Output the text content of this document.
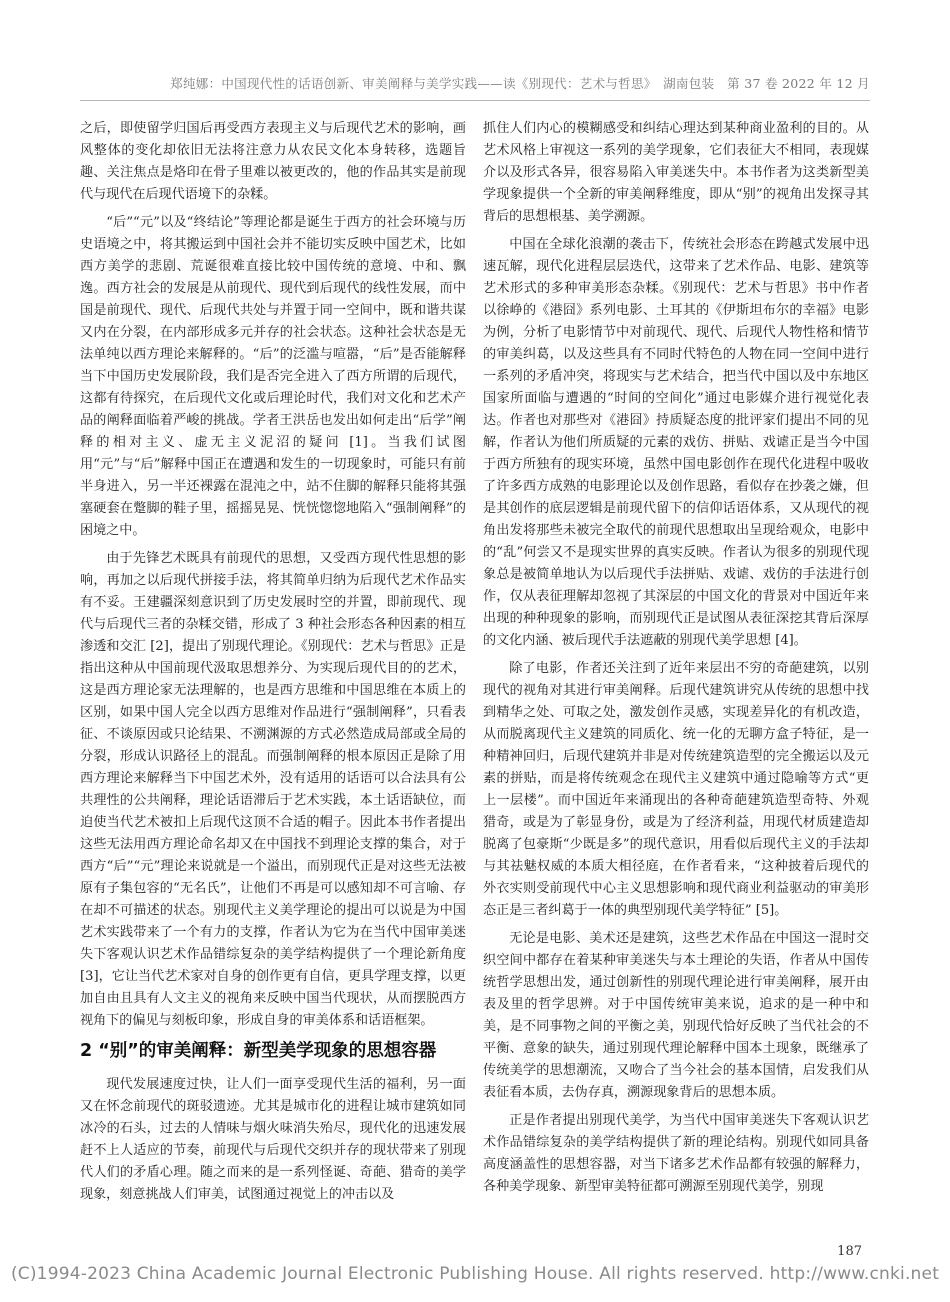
郑纯娜：中国现代性的话语创新、审美阐释与美学实践——读《别现代：艺术与哲思》　湖南包装　第 37 卷 2022 年 12 月

之后，即使留学归国后再受西方表现主义与后现代艺术的影响，画风整体的变化却依旧无法将注意力从农民文化本身转移，选题旨趣、关注焦点是烙印在骨子里难以被更改的，他的作品其实是前现代与现代在后现代语境下的杂糅。

“后”“元”以及“终结论”等理论都是诞生于西方的社会环境与历史语境之中，将其搬运到中国社会并不能切实反映中国艺术，比如西方美学的悲剧、荒诞很难直接比较中国传统的意境、中和、飘逸。西方社会的发展是从前现代、现代到后现代的线性发展，而中国是前现代、现代、后现代共处与并置于同一空间中，既和谐共谋又内在分裂，在内部形成多元并存的社会状态。这种社会状态是无法单纯以西方理论来解释的。“后”的泛滥与喧嚣，“后”是否能解释当下中国历史发展阶段，我们是否完全进入了西方所谓的后现代，这都有待探究，在后现代文化或后理论时代，我们对文化和艺术产品的阐释面临着严峻的挑战。学者王洪岳也发出如何走出“后学”阐释的相对主义、虚无主义泥沼的疑问 [1]。当我们试图用“元”与“后”解释中国正在遭遇和发生的一切现象时，可能只有前半身进入，另一半还裸露在混沌之中，站不住脚的解释只能将其强塞硬套在蹩脚的鞋子里，摇摇晃晃、恍恍惚惚地陷入“强制阐释”的困境之中。

由于先锋艺术既具有前现代的思想，又受西方现代性思想的影响，再加之以后现代拼接手法，将其简单归纳为后现代艺术作品实有不妥。王建疆深刻意识到了历史发展时空的并置，即前现代、现代与后现代三者的杂糅交错，形成了 3 种社会形态各种因素的相互渗透和交汇 [2]，提出了别现代理论。《别现代：艺术与哲思》正是指出这种从中国前现代汲取思想养分、为实现后现代目的的艺术，这是西方理论家无法理解的，也是西方思维和中国思维在本质上的区别，如果中国人完全以西方思维对作品进行“强制阐释”，只看表征、不谈原因或只论结果、不溯渊源的方式必然造成局部或全局的分裂，形成认识路径上的混乱。而强制阐释的根本原因正是除了用西方理论来解释当下中国艺术外，没有适用的话语可以合法具有公共理性的公共阐释，理论话语滞后于艺术实践，本土话语缺位，而迫使当代艺术被扣上后现代这顶不合适的帽子。因此本书作者提出这些无法用西方理论命名却又在中国找不到理论支撑的集合，对于西方“后”“元”理论来说就是一个溢出，而别现代正是对这些无法被原有子集包容的“无名氏”，让他们不再是可以感知却不可言喻、存在却不可描述的状态。别现代主义美学理论的提出可以说是为中国艺术实践带来了一个有力的支撑，作者认为它为在当代中国审美迷失下客观认识艺术作品错综复杂的美学结构提供了一个理论新角度 [3]，它让当代艺术家对自身的创作更有自信，更具学理支撑，以更加自由且具有人文主义的视角来反映中国当代现状，从而摆脱西方视角下的偏见与刻板印象，形成自身的审美体系和话语框架。

2 “别”的审美阐释：新型美学现象的思想容器

现代发展速度过快，让人们一面享受现代生活的福利，另一面又在怀念前现代的斑驳遗迹。尤其是城市化的进程让城市建筑如同冰冷的石头，过去的人情味与烟火味消失殆尽，现代化的迅速发展赶不上人适应的节奏，前现代与后现代交织并存的现状带来了别现代人们的矛盾心理。随之而来的是一系列怪诞、奇葩、猎奇的美学现象，刻意挑战人们审美，试图通过视觉上的冲击以及

抓住人们内心的模糊感受和纠结心理达到某种商业盈利的目的。从艺术风格上审视这一系列的美学现象，它们表征大不相同，表现媒介以及形式各异，很容易陷入审美迷失中。本书作者为这类新型美学现象提供一个全新的审美阐释维度，即从“别”的视角出发探寻其背后的思想根基、美学溯源。

中国在全球化浪潮的袭击下，传统社会形态在跨越式发展中迅速瓦解，现代化进程层层迭代，这带来了艺术作品、电影、建筑等艺术形式的多种审美形态杂糅。《别现代：艺术与哲思》书中作者以徐峥的《港囧》系列电影、土耳其的《伊斯坦布尔的幸福》电影为例，分析了电影情节中对前现代、现代、后现代人物性格和情节的审美纠葛，以及这些具有不同时代特色的人物在同一空间中进行一系列的矛盾冲突，将现实与艺术结合，把当代中国以及中东地区国家所面临与遭遇的“时间的空间化”通过电影媒介进行视觉化表达。作者也对那些对《港囧》持质疑态度的批评家们提出不同的见解，作者认为他们所质疑的元素的戏仿、拼贴、戏谑正是当今中国于西方所独有的现实环境，虽然中国电影创作在现代化进程中吸收了许多西方成熟的电影理论以及创作思路，看似存在抄袭之嫌，但是其创作的底层逻辑是前现代留下的信仰话语体系，又从现代的视角出发将那些未被完全取代的前现代思想取出呈现给观众，电影中的“乱”何尝又不是现实世界的真实反映。作者认为很多的别现代现象总是被简单地认为以后现代手法拼贴、戏谑、戏仿的手法进行创作，仅从表征理解却忽视了其深层的中国文化的背景对中国近年来出现的种种现象的影响，而别现代正是试图从表征深挖其背后深厚的文化内涵、被后现代手法遮蔽的别现代美学思想 [4]。

除了电影，作者还关注到了近年来层出不穷的奇葩建筑，以别现代的视角对其进行审美阐释。后现代建筑讲究从传统的思想中找到精华之处、可取之处，激发创作灵感，实现差异化的有机改造，从而脱离现代主义建筑的同质化、统一化的无聊方盒子特征，是一种精神回归，后现代建筑并非是对传统建筑造型的完全搬运以及元素的拼贴，而是将传统观念在现代主义建筑中通过隐喻等方式“更上一层楼”。而中国近年来涌现出的各种奇葩建筑造型奇特、外观猎奇，或是为了彰显身份，或是为了经济利益，用现代材质建造却脱离了包豪斯“少既是多”的现代意识，用看似后现代主义的手法却与其祛魅权威的本质大相径庭，在作者看来，“这种披着后现代的外衣实则受前现代中心主义思想影响和现代商业利益驱动的审美形态正是三者纠葛于一体的典型别现代美学特征” [5]。

无论是电影、美术还是建筑，这些艺术作品在中国这一混时交织空间中都存在着某种审美迷失与本土理论的失语，作者从中国传统哲学思想出发，通过创新性的别现代理论进行审美阐释，展开由表及里的哲学思辨。对于中国传统审美来说，追求的是一种中和美，是不同事物之间的平衡之美，别现代恰好反映了当代社会的不平衡、意象的缺失，通过别现代理论解释中国本土现象，既继承了传统美学的思想潮流，又吻合了当今社会的基本国情，启发我们从表征看本质，去伪存真，溯源现象背后的思想本质。

正是作者提出别现代美学，为当代中国审美迷失下客观认识艺术作品错综复杂的美学结构提供了新的理论结构。别现代如同具备高度涵盖性的思想容器，对当下诸多艺术作品都有较强的解释力，各种美学现象、新型审美特征都可溯源至别现代美学，别现

187
(C)1994-2023 China Academic Journal Electronic Publishing House. All rights reserved. http://www.cnki.net
